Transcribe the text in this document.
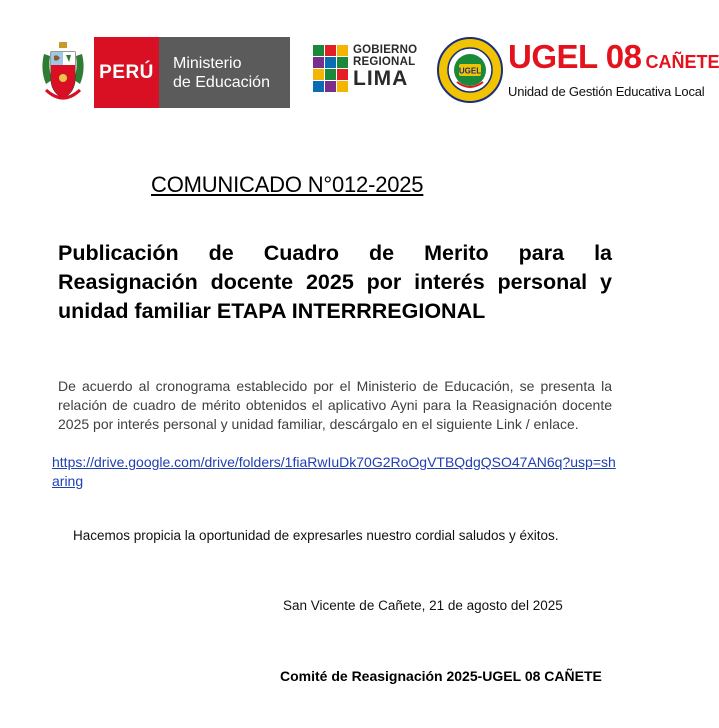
PERÚ Ministerio
de Educación
GOBIERNO
REGIONAL
LIMA	UGEL UGEL 08 CAÑETE
Unidad de Gestión Educativa Local
COMUNICADO N°012-2025
Publicación de Cuadro de Merito para la Reasignación docente 2025 por interés personal y unidad familiar ETAPA INTERRREGIONAL
De acuerdo al cronograma establecido por el Ministerio de Educación, se presenta la relación de cuadro de mérito obtenidos el aplicativo Ayni para la Reasignación docente 2025 por interés personal y unidad familiar, descárgalo en el siguiente Link / enlace.
https://drive.google.com/drive/folders/1fiaRwIuDk70G2RoOgVTBQdgQSO47AN6q?usp=sharing
Hacemos propicia la oportunidad de expresarles nuestro cordial saludos y éxitos.
San Vicente de Cañete, 21 de agosto del 2025
Comité de Reasignación 2025-UGEL 08 CAÑETE
